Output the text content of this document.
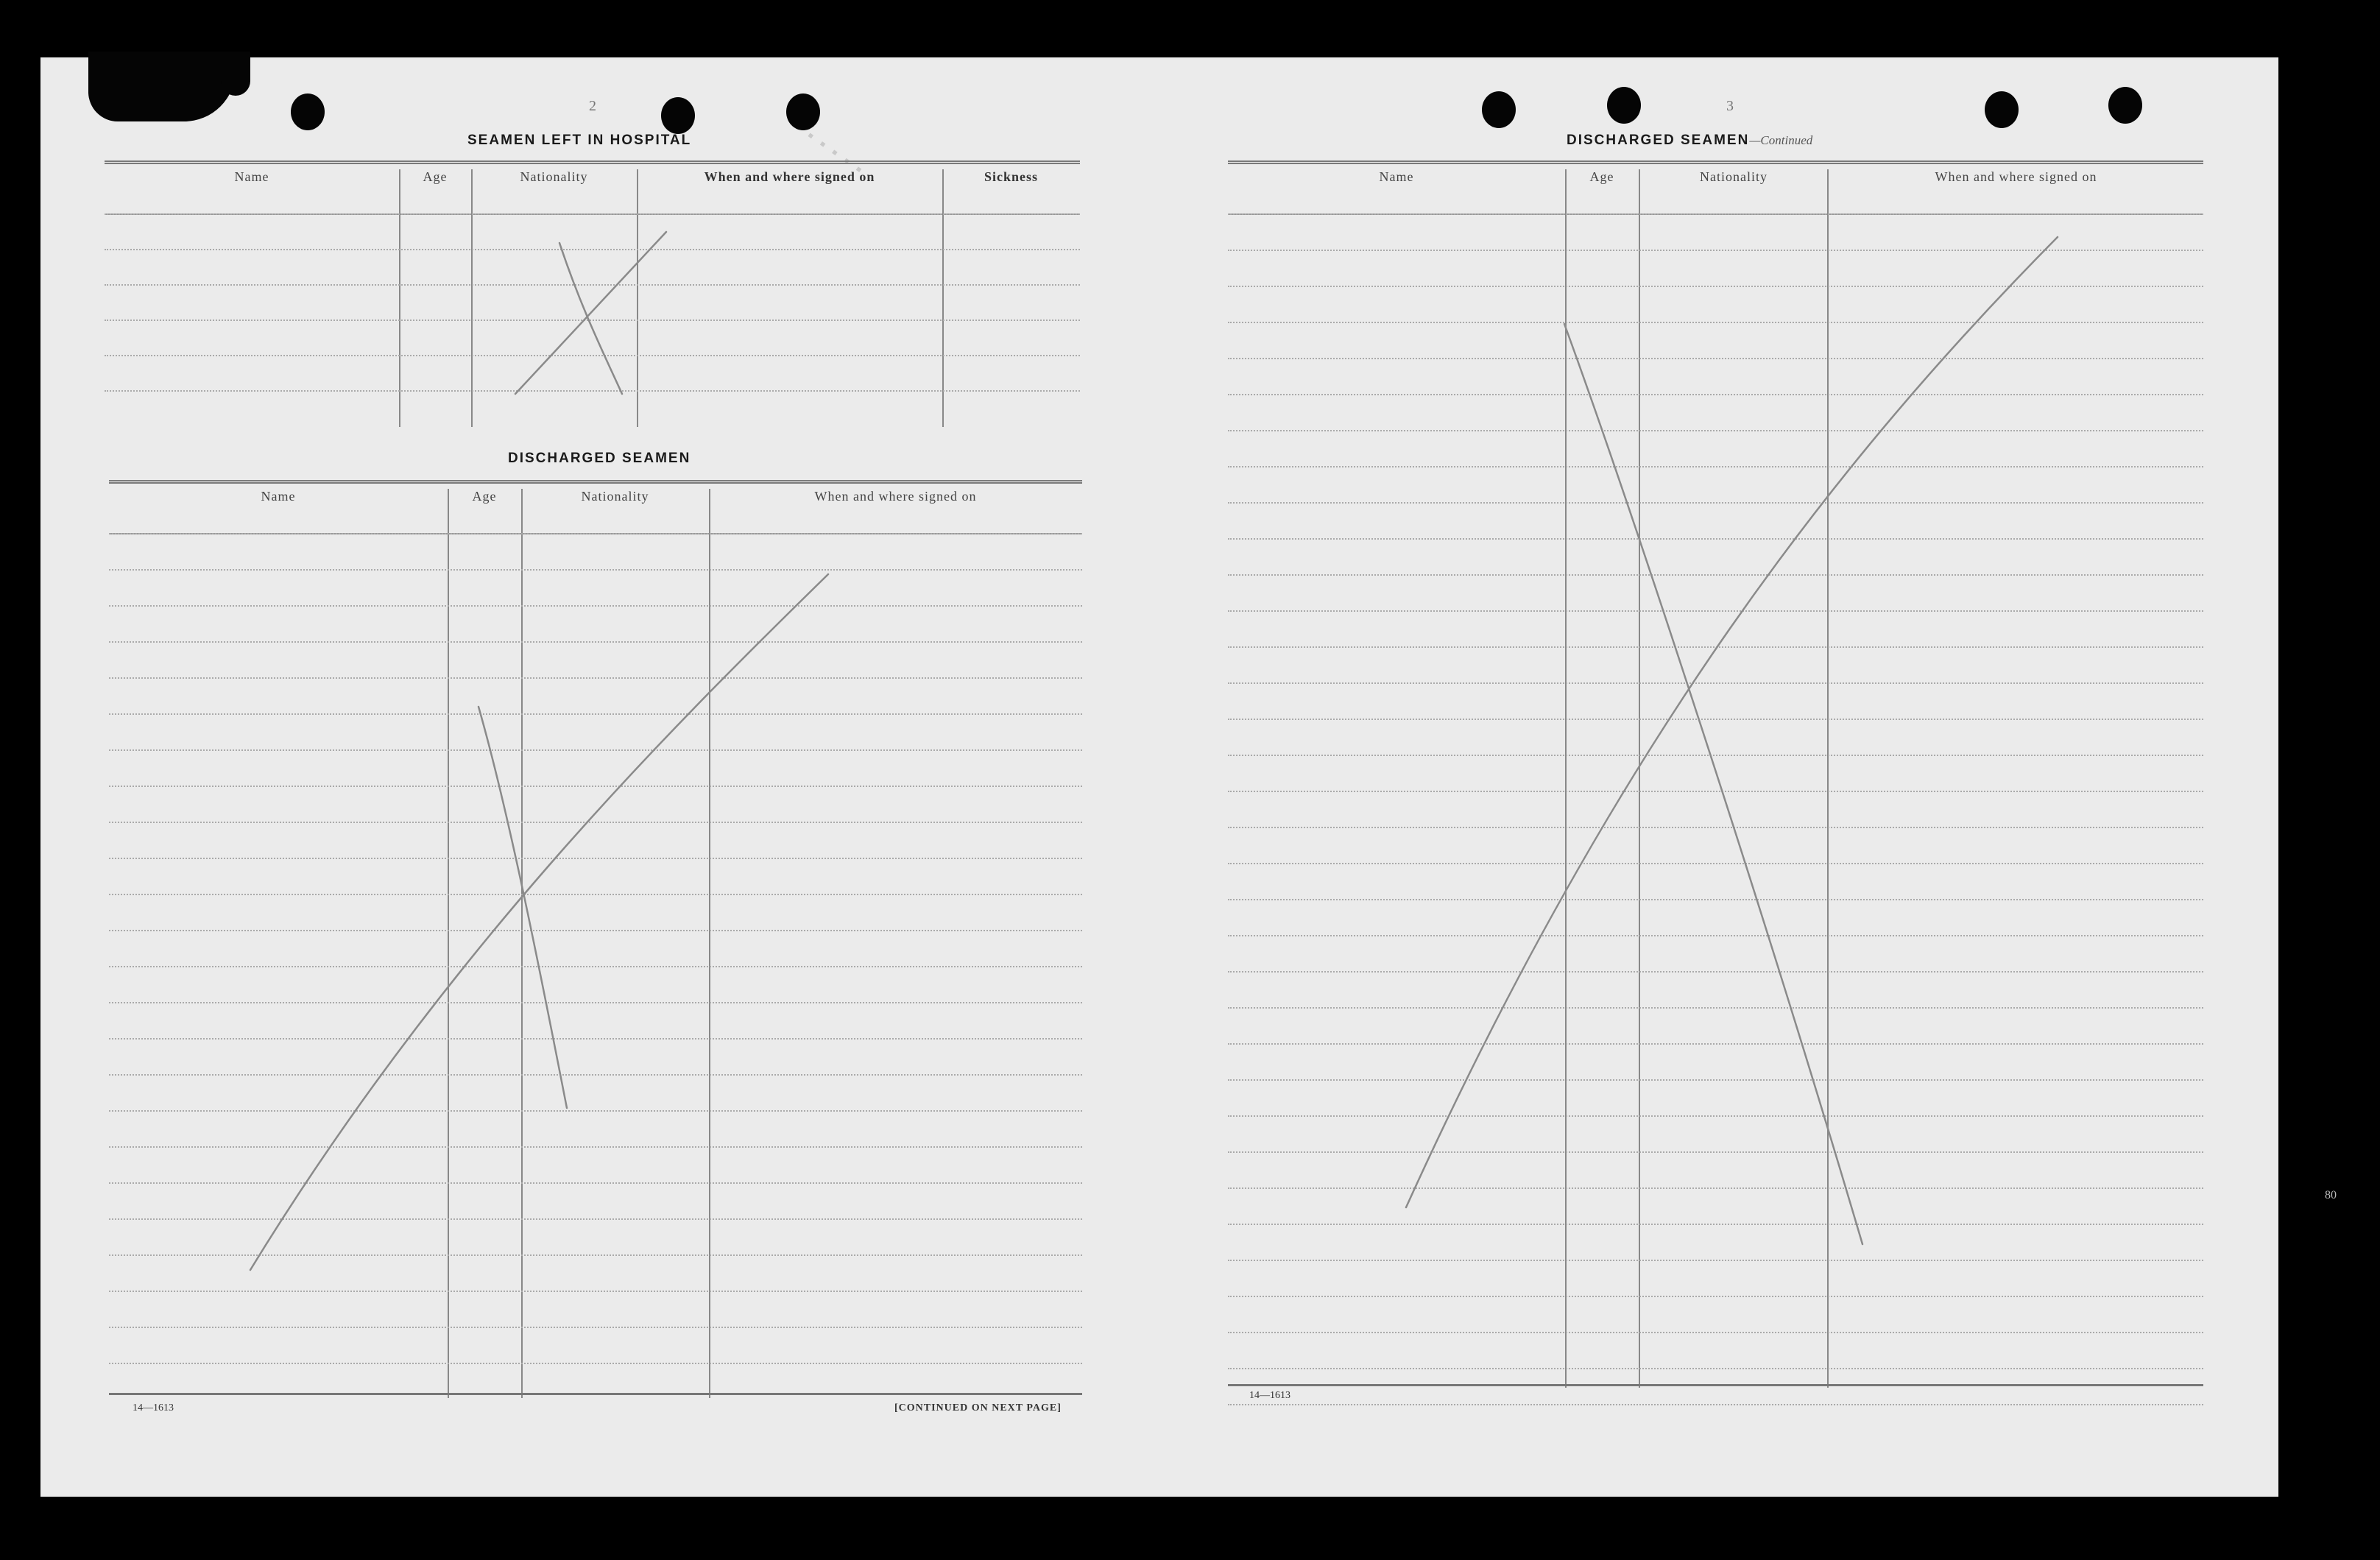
▪ ▪ ▪ ▪ ▪
2
SEAMEN LEFT IN HOSPITAL
Name	Age	Nationality	When and where signed on	Sickness
DISCHARGED SEAMEN
Name	Age	Nationality	When and where signed on
14—1613	[CONTINUED ON NEXT PAGE]
3
DISCHARGED SEAMEN—Continued
Name	Age	Nationality	When and where signed on
14—1613
80
